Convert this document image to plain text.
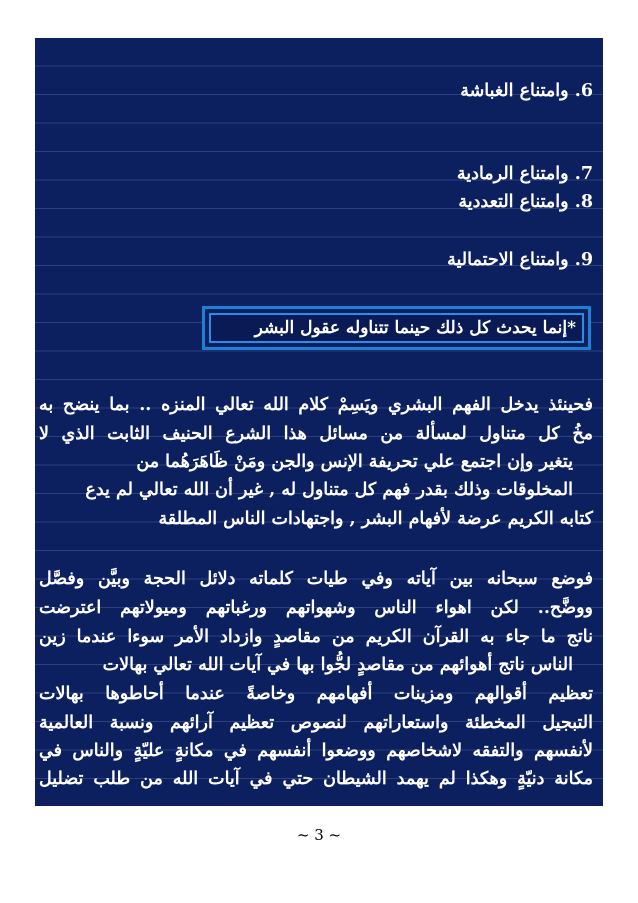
6. وامتناع الغباشة
7. وامتناع الرمادية
8. وامتناع التعددية
9. وامتناع الاحتمالية
*إنما يحدث كل ذلك حينما تتناوله عقول البشر
فحينئذ يدخل الفهم البشري ويَسِمْ كلام الله تعالي المنزه .. بما ينضح به
مخُ كل متناول لمسألة من مسائل هذا الشرع الحنيف الثابت الذي لا
يتغير وإن اجتمع علي تحريفة الإنس والجن ومَنْ ظَاهَرَهُما من
المخلوقات وذلك بقدر فهم كل متناول له , غير أن الله تعالي لم يدع
كتابه الكريم عرضة لأفهام البشر , واجتهادات الناس المطلقة
فوضع سبحانه بين آياته وفي طيات كلماته دلائل الحجة وبيَّن وفصَّل
ووضَّح.. لكن اهواء الناس وشهواتهم ورغباتهم وميولاتهم اعترضت
ناتج ما جاء به القرآن الكريم من مقاصدٍ وازداد الأمر سوءا عندما زين
الناس ناتج أهوائهم من مقاصدٍ لجُّوا بها في آيات الله تعالي بهالات
تعظيم أقوالهم ومزينات أفهامهم وخاصةً عندما أحاطوها بهالات
التبجيل المخطئة واستعاراتهم لنصوص تعظيم آرائهم ونسبة العالمية
لأنفسهم والتفقه لاشخاصهم ووضعوا أنفسهم في مكانةٍ عليّةٍ والناس في
مكانة دنيّةٍ وهكذا لم يهمد الشيطان حتي في آيات الله من طلب تضليل
~ 3 ~
